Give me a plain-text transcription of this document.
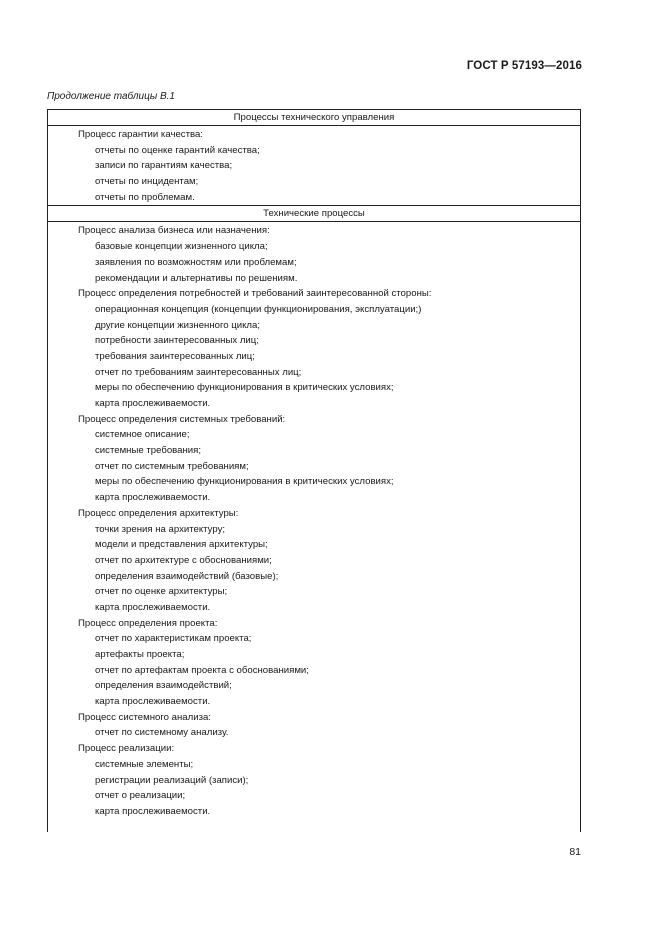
ГОСТ Р 57193—2016
Продолжение таблицы В.1
Процессы технического управления
Процесс гарантии качества:
отчеты по оценке гарантий качества;
записи по гарантиям качества;
отчеты по инцидентам;
отчеты по проблемам.
Технические процессы
Процесс анализа бизнеса или назначения:
базовые концепции жизненного цикла;
заявления по возможностям или проблемам;
рекомендации и альтернативы по решениям.
Процесс определения потребностей и требований заинтересованной стороны:
операционная концепция (концепции функционирования, эксплуатации;)
другие концепции жизненного цикла;
потребности заинтересованных лиц;
требования заинтересованных лиц;
отчет по требованиям заинтересованных лиц;
меры по обеспечению функционирования в критических условиях;
карта прослеживаемости.
Процесс определения системных требований:
системное описание;
системные требования;
отчет по системным требованиям;
меры по обеспечению функционирования в критических условиях;
карта прослеживаемости.
Процесс определения архитектуры:
точки зрения на архитектуру;
модели и представления архитектуры;
отчет по архитектуре с обоснованиями;
определения взаимодействий (базовые);
отчет по оценке архитектуры;
карта прослеживаемости.
Процесс определения проекта:
отчет по характеристикам проекта;
артефакты проекта;
отчет по артефактам проекта с обоснованиями;
определения взаимодействий;
карта прослеживаемости.
Процесс системного анализа:
отчет по системному анализу.
Процесс реализации:
системные элементы;
регистрации реализаций (записи);
отчет о реализации;
карта прослеживаемости.
81
